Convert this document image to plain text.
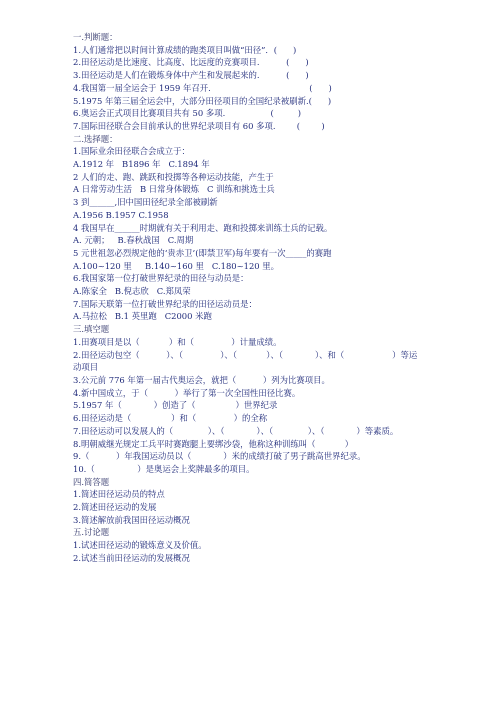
一.判断题：
1.人们通常把以时间计算成绩的跑类项目叫做“田径”．(      )
2.田径运动是比速度、比高度、比远度的竞赛项目.          (      )
3.田径运动是人们在锻炼身体中产生和发展起来的.          (      )
4.我国第一届全运会于 1959 年召开.                                     (      )
5.1975 年第三届全运会中，大部分田径项目的全国纪录被刷新.(      )
6.奥运会正式项目比赛项目共有 50 多项.                 (         )
7.国际田径联合会目前承认的世界纪录项目有 60 多项.        (        )
二.选择题：
1.国际业余田径联合会成立于：
A.1912 年   B1896 年   C.1894 年
2 人们的走、跑、跳跃和投掷等各种运动技能，产生于
A 日常劳动生活   B 日常身体锻炼   C 训练和挑选士兵
3 到______,旧中国田径纪录全部被刷新
A.1956 B.1957 C.1958
4 我国早在______时期就有关于利用走、跑和投掷来训练士兵的记载。
A. 元朝；   B.春秋战国   C.周期
5 元世祖忽必烈规定他的‘贵赤卫’(即禁卫军)每年要有一次_____的赛跑
A.100~120 里     B.140~160 里   C.180~120 里。
6.我国家第一位打破世界纪录的田径与动员是：
A.陈家全   B.倪志欣   C.郑凤荣
7.国际天联第一位打破世界纪录的田径运动员是：
A.马拉松   B.1 英里跑   C2000 米跑
三.填空题
1.田赛项目是以（           ）和（              ）计量成绩。
2.田径运动包空（          ）、（              ）、（           ）、（            ）、和（                  ）等运
动项目
3.公元前 776 年第一届古代奥运会，就把（          ）列为比赛项目。
4.新中国成立，于（          ）举行了第一次全国性田径比赛。
5.1957 年（            ）创造了（               ）世界纪录
6.田径运动是（               ）和（              ）的全称
7.田径运动可以发展人的（             ）、（            ）、（             ）、（            ）等素质。
8.明朝威继光规定工兵平时赛跑腿上要绑沙袋，他称这种训练叫（           ）
9.（          ）年我国运动员以（            ）米的成绩打破了男子跳高世界纪录。
10.（                ）是奥运会上奖牌最多的项目。
四.简答题
1.简述田径运动员的特点
2.简述田径运动的发展
3.简述解放前我国田径运动概况
五.讨论题
1.试述田径运动的锻炼意义及价值。
2.试述当前田径运动的发展概况
